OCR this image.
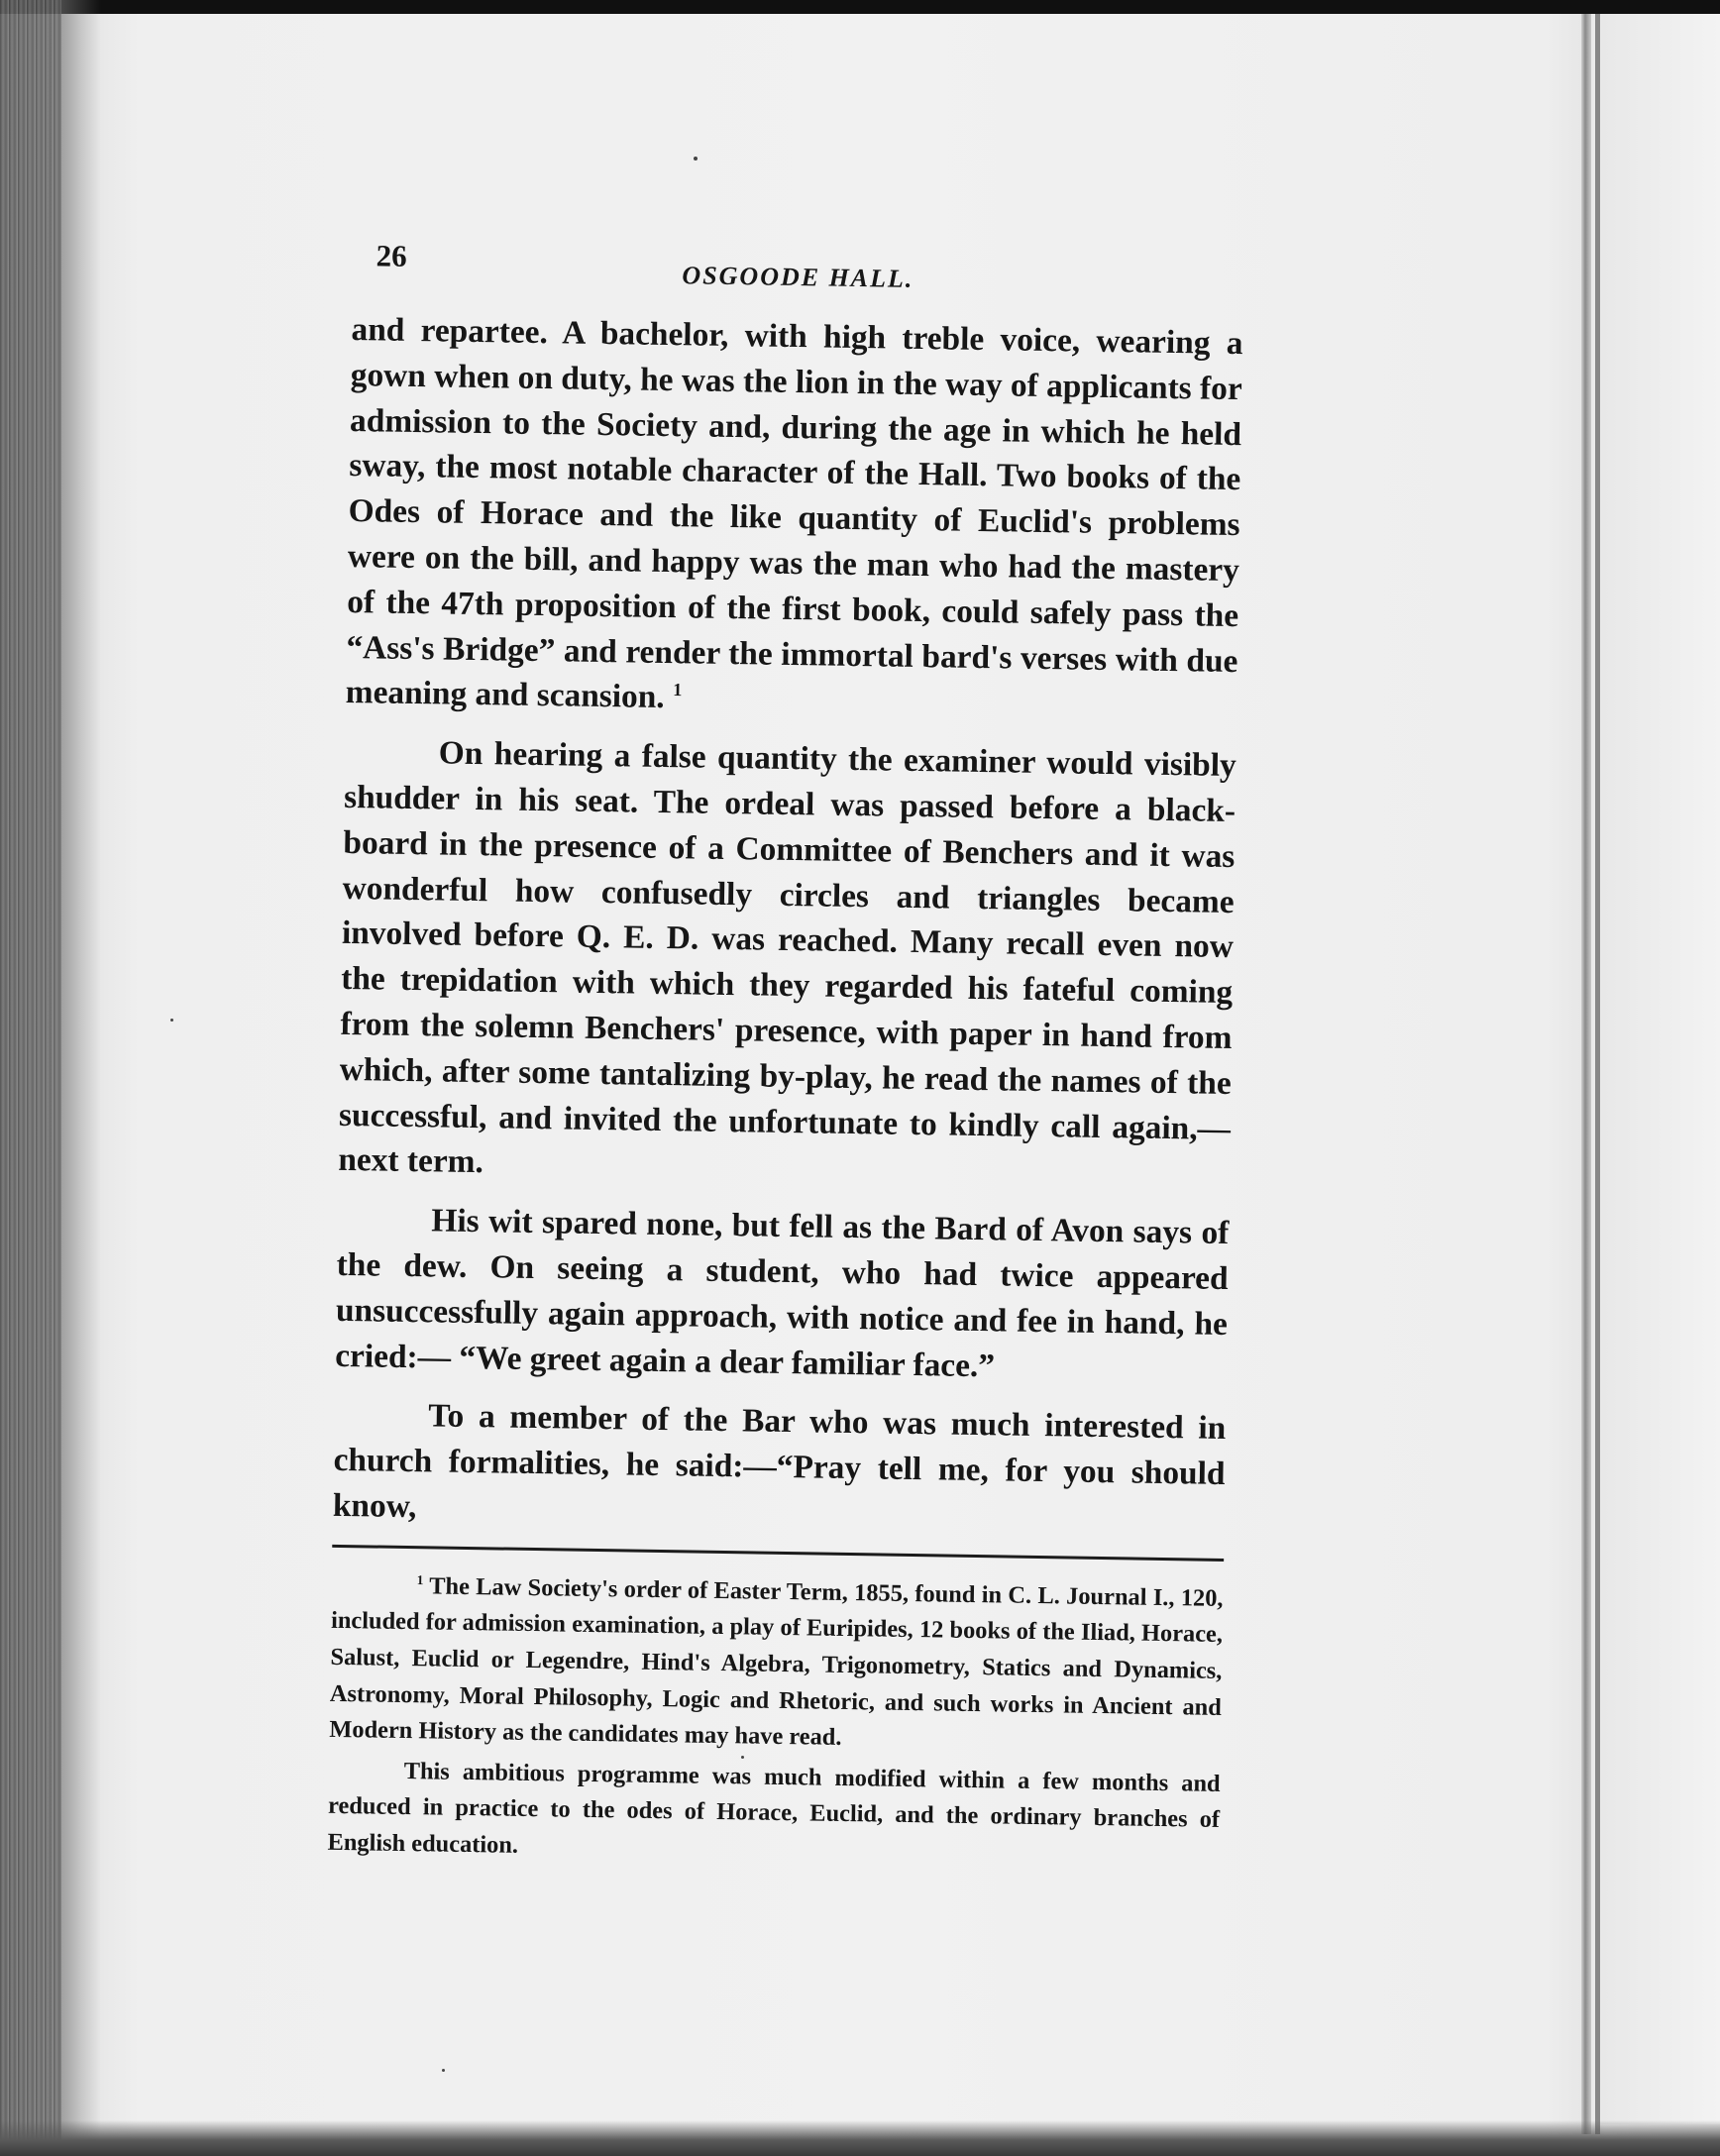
26
OSGOODE HALL.

and repartee. A bachelor, with high treble voice, wearing a gown when on duty, he was the lion in the way of applicants for admission to the Society and, during the age in which he held sway, the most notable character of the Hall. Two books of the Odes of Horace and the like quantity of Euclid's problems were on the bill, and happy was the man who had the mastery of the 47th proposition of the first book, could safely pass the “Ass's Bridge” and render the immortal bard's verses with due meaning and scansion. $^1$

On hearing a false quantity the examiner would visibly shudder in his seat. The ordeal was passed before a black-board in the presence of a Committee of Benchers and it was wonderful how confusedly circles and triangles became involved before Q. E. D. was reached. Many recall even now the trepidation with which they regarded his fateful coming from the solemn Benchers' presence, with paper in hand from which, after some tantalizing by-play, he read the names of the successful, and invited the unfortunate to kindly call again,—next term.

His wit spared none, but fell as the Bard of Avon says of the dew. On seeing a student, who had twice appeared unsuccessfully again approach, with notice and fee in hand, he cried:— “We greet again a dear familiar face.”

To a member of the Bar who was much interested in church formalities, he said:—“Pray tell me, for you should know,

$^1$ The Law Society's order of Easter Term, 1855, found in C. L. Journal I., 120, included for admission examination, a play of Euripides, 12 books of the Iliad, Horace, Salust, Euclid or Legendre, Hind's Algebra, Trigonometry, Statics and Dynamics, Astronomy, Moral Philosophy, Logic and Rhetoric, and such works in Ancient and Modern History as the candidates may have read.

This ambitious programme was much modified within a few months and reduced in practice to the odes of Horace, Euclid, and the ordinary branches of English education.
